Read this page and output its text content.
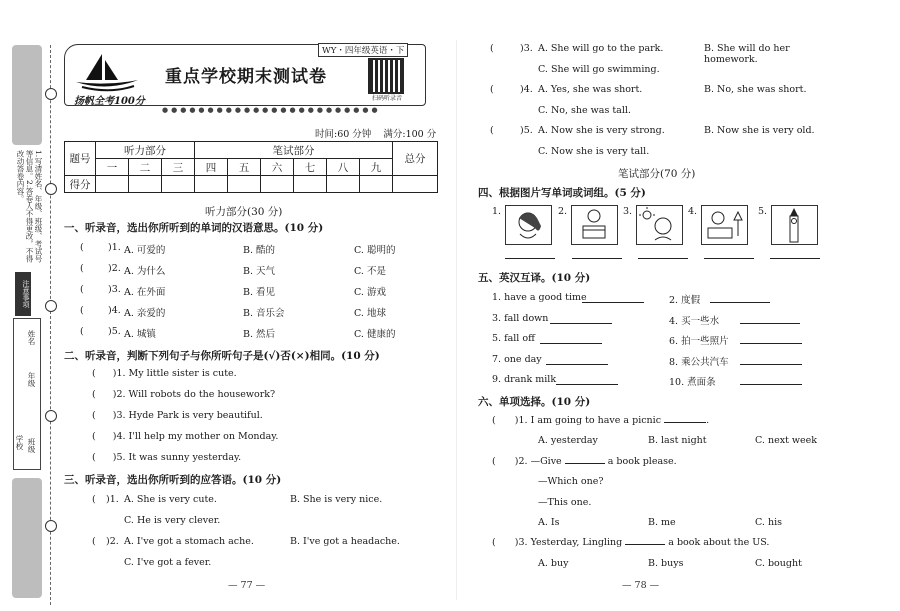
1.写清姓名、年级、班级、考试号等信息。2.答卷人不得更改，不得改动答卷内容。
注意事项
学校
年级
姓名
班级
扬帆全考100分
重点学校期末测试卷
WY・四年级英语・下
扫码听录音
●●●●●●●●●●●●●●●●●●●●●●●●
时间:60 分钟    满分:100 分
题号	听力部分			笔试部分						总分
	一	二	三	四	五	六	七	八	九	
得分										
听力部分(30 分)
一、听录音，选出你所听到的单词的汉语意思。(10 分)
(	)1. A. 可爱的	B. 酷的	C. 聪明的
(	)2. A. 为什么	B. 天气	C. 不是
(	)3. A. 在外面	B. 看见	C. 游戏
(	)4. A. 亲爱的	B. 音乐会	C. 地球
(	)5. A. 城镇	B. 然后	C. 健康的
二、听录音，判断下列句子与你所听句子是(√)否(×)相同。(10 分)
( )1. My little sister is cute.
( )2. Will robots do the housework?
( )3. Hyde Park is very beautiful.
( )4. I'll help my mother on Monday.
( )5. It was sunny yesterday.
三、听录音，选出你所听到的应答语。(10 分)
( )1. A. She is very cute.	B. She is very nice.
C. He is very clever.
( )2. A. I've got a stomach ache.	B. I've got a headache.
C. I've got a fever.
— 77 —
(	)3. A. She will go to the park.	B. She will do her homework.
C. She will go swimming.
(	)4. A. Yes, she was short.	B. No, she was short.
C. No, she was tall.
(	)5. A. Now she is very strong.	B. Now she is very old.
C. Now she is very tall.
笔试部分(70 分)
四、根据图片写单词或词组。(5 分)
1.	2.	3.	4.	5.
五、英汉互译。(10 分)
1. have a good time	2. 度假
3. fall down	4. 买一些水
5. fall off	6. 拍一些照片
7. one day	8. 乘公共汽车
9. drank milk	10. 煮面条
六、单项选择。(10 分)
( )1. I am going to have a picnic	.
A. yesterday	B. last night	C. next week
( )2. —Give	a book please.
—Which one?
—This one.
A. Is	B. me	C. his
( )3. Yesterday, Lingling	a book about the US.
A. buy	B. buys	C. bought
— 78 —
